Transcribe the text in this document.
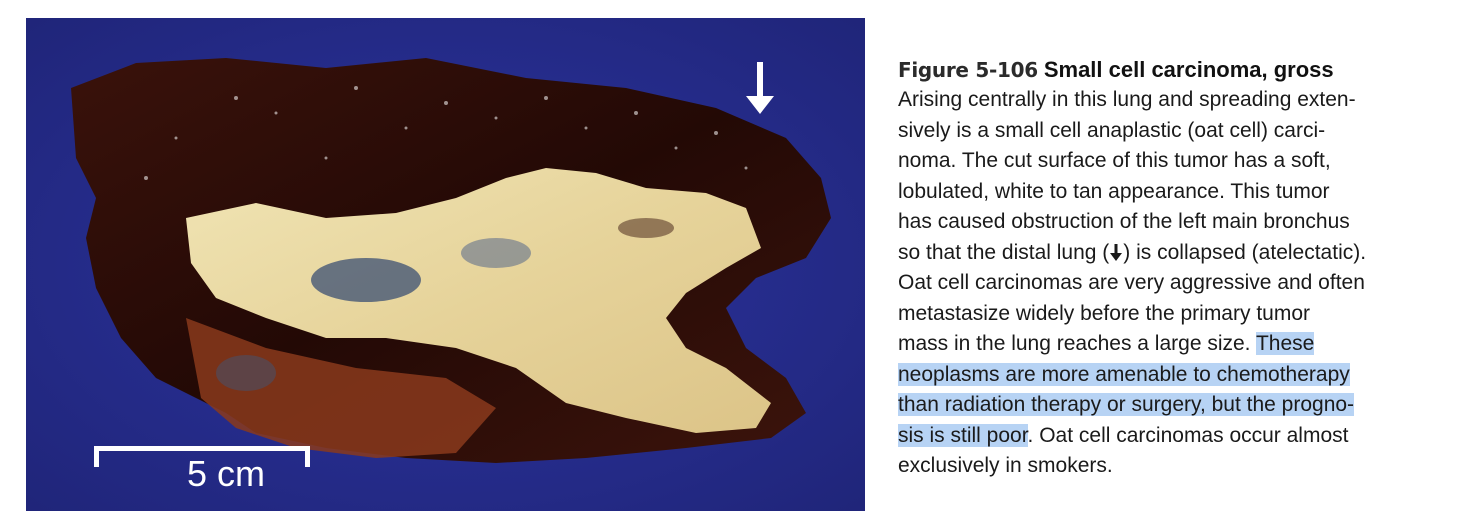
5 cm
Figure 5-106 Small cell carcinoma, gross
Arising centrally in this lung and spreading exten-
sively is a small cell anaplastic (oat cell) carci-
noma. The cut surface of this tumor has a soft,
lobulated, white to tan appearance. This tumor
has caused obstruction of the left main bronchus
so that the distal lung ( ) is collapsed (atelectatic).
Oat cell carcinomas are very aggressive and often
metastasize widely before the primary tumor
mass in the lung reaches a large size. These
neoplasms are more amenable to chemotherapy
than radiation therapy or surgery, but the progno-
sis is still poor. Oat cell carcinomas occur almost
exclusively in smokers.
